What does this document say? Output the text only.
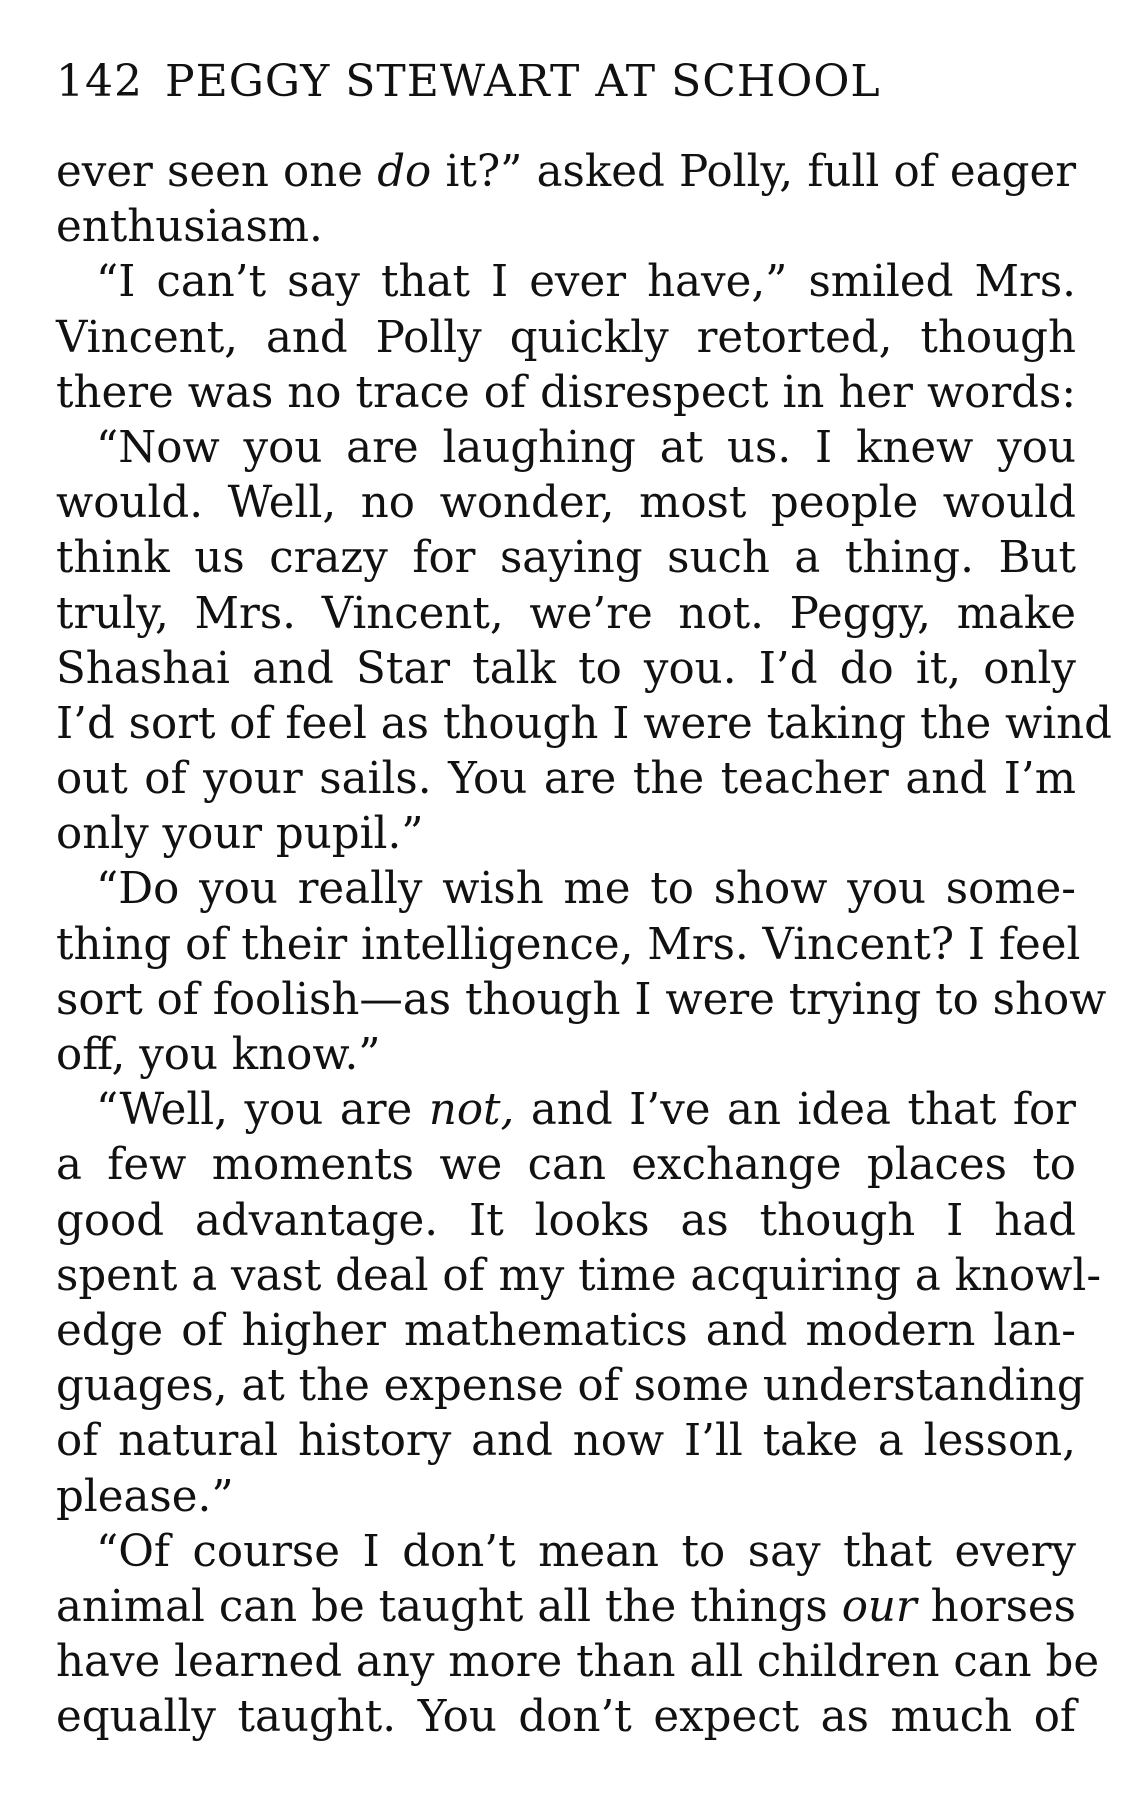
142 PEGGY STEWART AT SCHOOL
ever seen one do it?” asked Polly, full of eager
enthusiasm.
“I can’t say that I ever have,” smiled Mrs.
Vincent, and Polly quickly retorted, though
there was no trace of disrespect in her words:
“Now you are laughing at us. I knew you
would. Well, no wonder, most people would
think us crazy for saying such a thing. But
truly, Mrs. Vincent, we’re not. Peggy, make
Shashai and Star talk to you. I’d do it, only
I’d sort of feel as though I were taking the wind
out of your sails. You are the teacher and I’m
only your pupil.”
“Do you really wish me to show you some-
thing of their intelligence, Mrs. Vincent? I feel
sort of foolish—as though I were trying to show
off, you know.”
“Well, you are not, and I’ve an idea that for
a few moments we can exchange places to
good advantage. It looks as though I had
spent a vast deal of my time acquiring a knowl-
edge of higher mathematics and modern lan-
guages, at the expense of some understanding
of natural history and now I’ll take a lesson,
please.”
“Of course I don’t mean to say that every
animal can be taught all the things our horses
have learned any more than all children can be
equally taught. You don’t expect as much of
